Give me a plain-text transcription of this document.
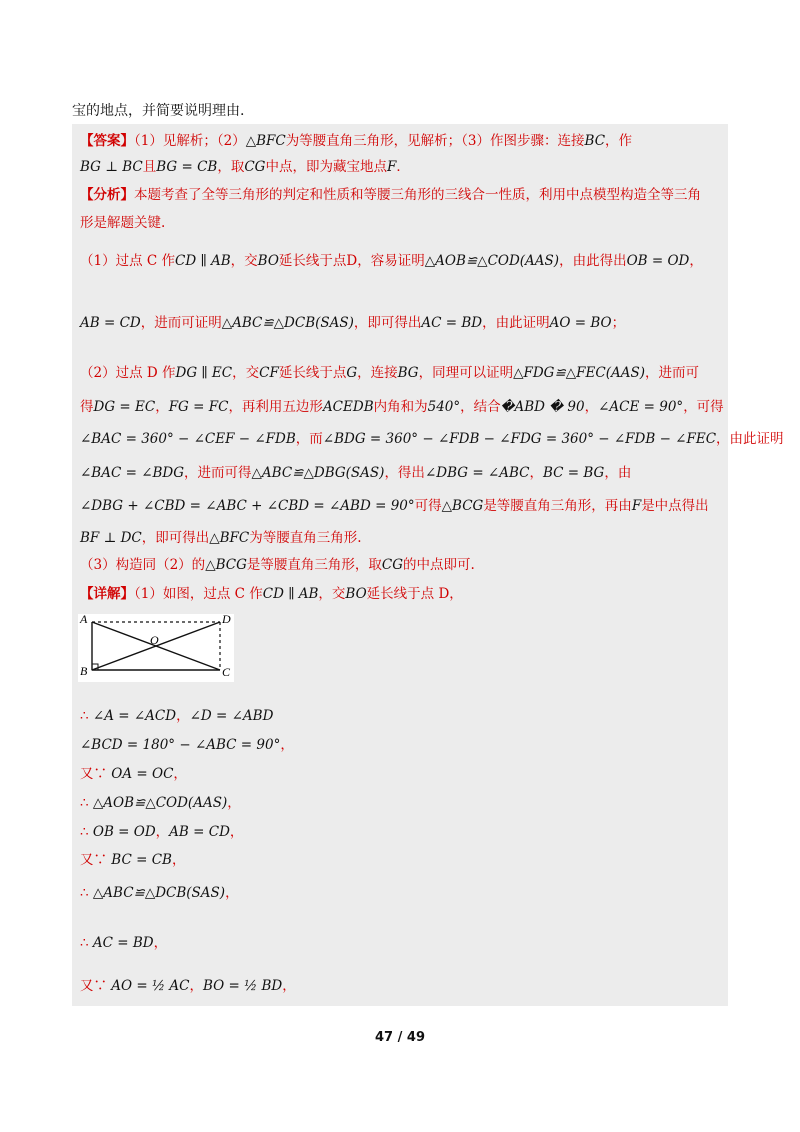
宝的地点，并简要说明理由.
A
B	C
D
O
【答案】（1）见解析；（2）△BFC为等腰直角三角形，见解析；（3）作图步骤：连接BC，作
BG ⊥ BC且BG = CB，取CG中点，即为藏宝地点F．
【分析】本题考查了全等三角形的判定和性质和等腰三角形的三线合一性质，利用中点模型构造全等三角
形是解题关键.
（1）过点 C 作CD ∥ AB，交BO延长线于点D，容易证明△AOB≌△COD(AAS)，由此得出OB = OD，
AB = CD，进而可证明△ABC≌△DCB(SAS)，即可得出AC = BD，由此证明AO = BO；
（2）过点 D 作DG ∥ EC，交CF延长线于点G，连接BG，同理可以证明△FDG≌△FEC(AAS)，进而可
得DG = EC，FG = FC，再利用五边形ACEDB内角和为540°，结合�ABD � 90，∠ACE = 90°，可得
∠BAC = 360° − ∠CEF − ∠FDB，而∠BDG = 360° − ∠FDB − ∠FDG = 360° − ∠FDB − ∠FEC，由此证明
∠BAC = ∠BDG，进而可得△ABC≌△DBG(SAS)，得出∠DBG = ∠ABC，BC = BG，由
∠DBG + ∠CBD = ∠ABC + ∠CBD = ∠ABD = 90°可得△BCG是等腰直角三角形，再由F是中点得出
BF ⊥ DC，即可得出△BFC为等腰直角三角形.
（3）构造同（2）的△BCG是等腰直角三角形，取CG的中点即可.
【详解】（1）如图，过点 C 作CD ∥ AB，交BO延长线于点 D，
∴ ∠A = ∠ACD，∠D = ∠ABD
∠BCD = 180° − ∠ABC = 90°，
又∵ OA = OC，
∴ △AOB≌△COD(AAS)，
∴ OB = OD，AB = CD，
又∵ BC = CB，
∴ △ABC≌△DCB(SAS)，
∴ AC = BD，
又∵ AO = ½ AC，BO = ½ BD，
47 / 49
